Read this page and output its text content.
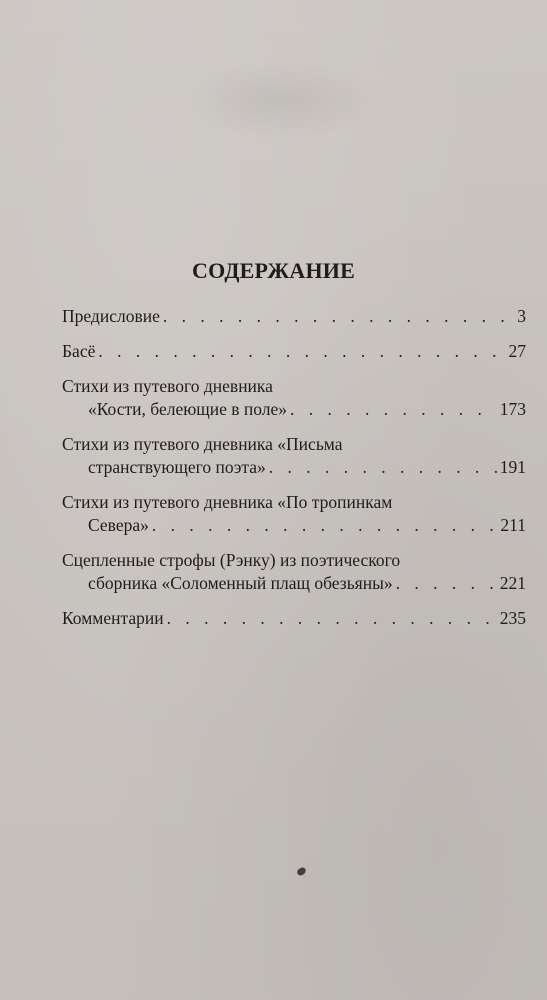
СОДЕРЖАНИЕ
Предисловие . . .	3
Басё . . .	27
Стихи из путевого дневника
«Кости, белеющие в поле» . . .	173
Стихи из путевого дневника «Письма
странствующего поэта» . . .	191
Стихи из путевого дневника «По тропинкам
Севера» . . .	211
Сцепленные строфы (Рэнку) из поэтического
сборника «Соломенный плащ обезьяны» . . .	221
Комментарии . . .	235
